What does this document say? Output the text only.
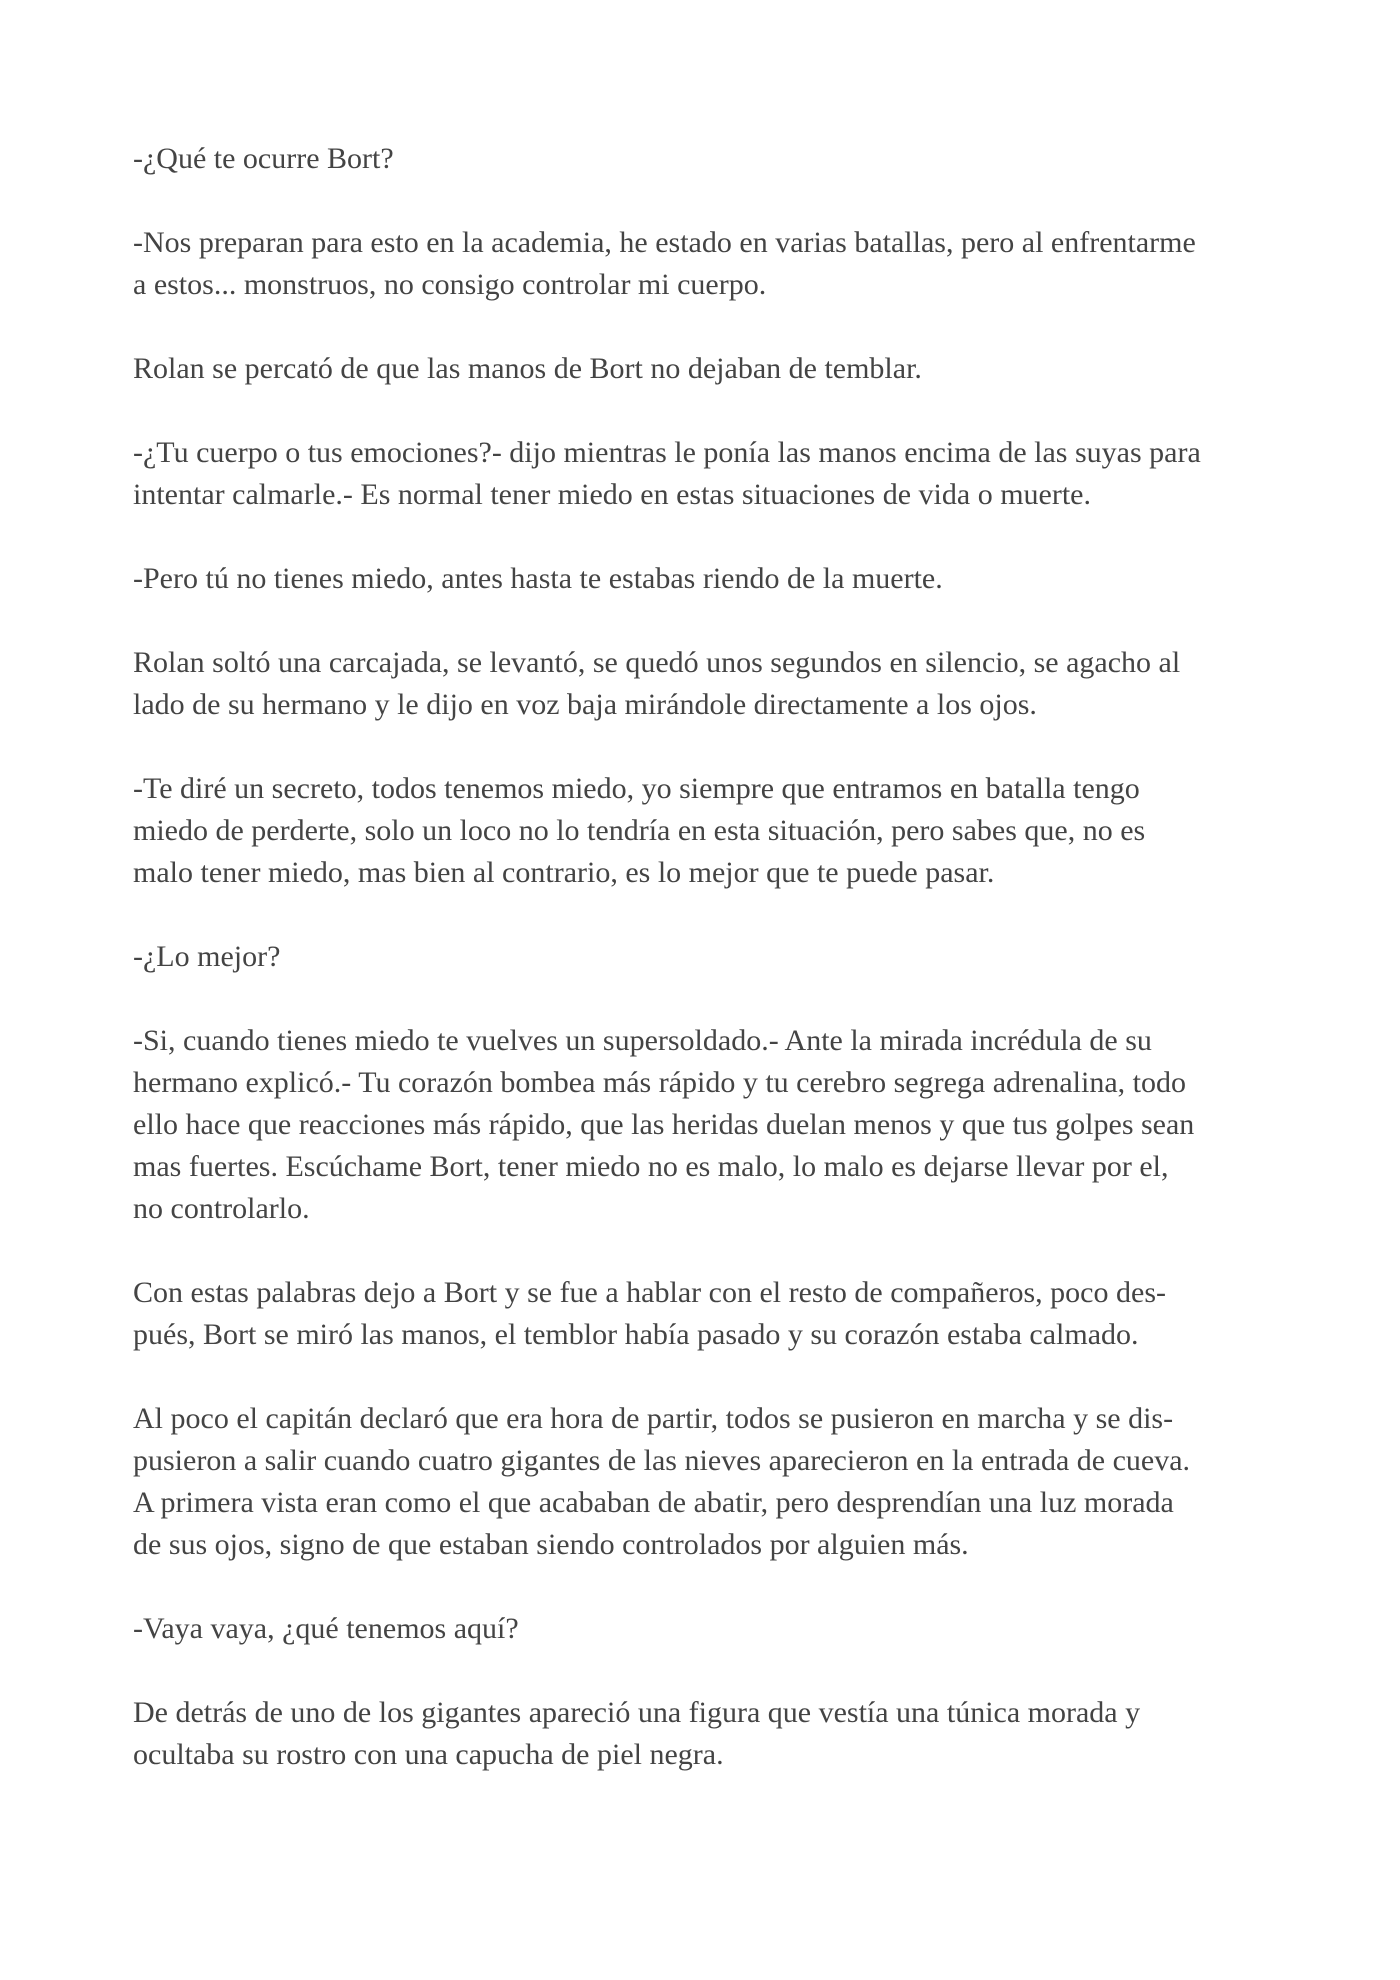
-¿Qué te ocurre Bort?

-Nos preparan para esto en la academia, he estado en varias batallas, pero al enfrentarme
a estos... monstruos, no consigo controlar mi cuerpo.

Rolan se percató de que las manos de Bort no dejaban de temblar.

-¿Tu cuerpo o tus emociones?- dijo mientras le ponía las manos encima de las suyas para
intentar calmarle.- Es normal tener miedo en estas situaciones de vida o muerte.

-Pero tú no tienes miedo, antes hasta te estabas riendo de la muerte.

Rolan soltó una carcajada, se levantó, se quedó unos segundos en silencio, se agacho al
lado de su hermano y le dijo en voz baja mirándole directamente a los ojos.

-Te diré un secreto, todos tenemos miedo, yo siempre que entramos en batalla tengo
miedo de perderte, solo un loco no lo tendría en esta situación, pero sabes que, no es
malo tener miedo, mas bien al contrario, es lo mejor que te puede pasar.

-¿Lo mejor?

-Si, cuando tienes miedo te vuelves un supersoldado.- Ante la mirada incrédula de su
hermano explicó.- Tu corazón bombea más rápido y tu cerebro segrega adrenalina, todo
ello hace que reacciones más rápido, que las heridas duelan menos y que tus golpes sean
mas fuertes. Escúchame Bort, tener miedo no es malo, lo malo es dejarse llevar por el,
no controlarlo.

Con estas palabras dejo a Bort y se fue a hablar con el resto de compañeros, poco des-
pués, Bort se miró las manos, el temblor había pasado y su corazón estaba calmado.

Al poco el capitán declaró que era hora de partir, todos se pusieron en marcha y se dis-
pusieron a salir cuando cuatro gigantes de las nieves aparecieron en la entrada de cueva.
A primera vista eran como el que acababan de abatir, pero desprendían una luz morada
de sus ojos, signo de que estaban siendo controlados por alguien más.

-Vaya vaya, ¿qué tenemos aquí?

De detrás de uno de los gigantes apareció una figura que vestía una túnica morada y
ocultaba su rostro con una capucha de piel negra.
